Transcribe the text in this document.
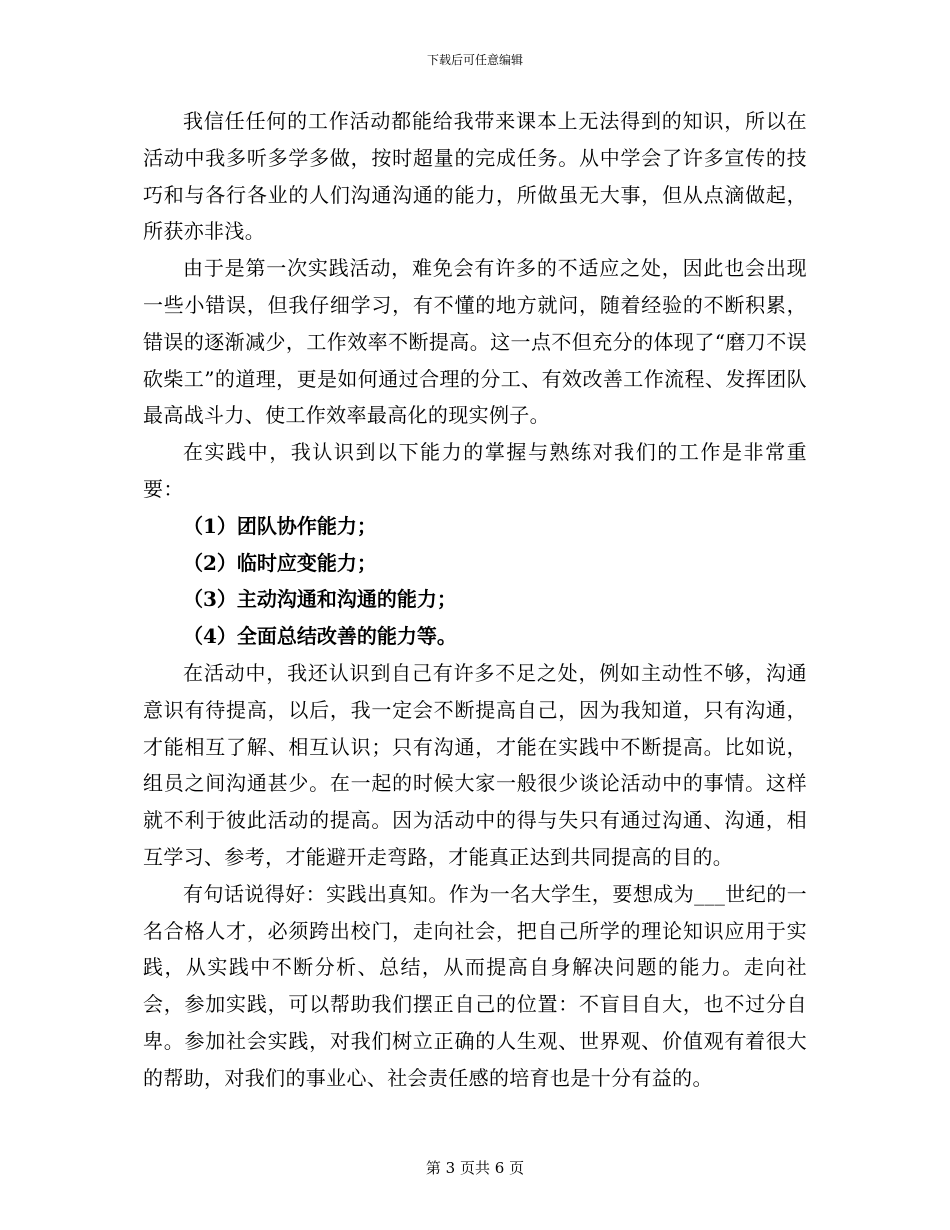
下载后可任意编辑

我信任任何的工作活动都能给我带来课本上无法得到的知识，所以在活动中我多听多学多做，按时超量的完成任务。从中学会了许多宣传的技巧和与各行各业的人们沟通沟通的能力，所做虽无大事，但从点滴做起，所获亦非浅。

由于是第一次实践活动，难免会有许多的不适应之处，因此也会出现一些小错误，但我仔细学习，有不懂的地方就问，随着经验的不断积累，错误的逐渐减少，工作效率不断提高。这一点不但充分的体现了“磨刀不误砍柴工”的道理，更是如何通过合理的分工、有效改善工作流程、发挥团队最高战斗力、使工作效率最高化的现实例子。

在实践中，我认识到以下能力的掌握与熟练对我们的工作是非常重要：

（1）团队协作能力；

（2）临时应变能力；

（3）主动沟通和沟通的能力；

（4）全面总结改善的能力等。

在活动中，我还认识到自己有许多不足之处，例如主动性不够，沟通意识有待提高，以后，我一定会不断提高自己，因为我知道，只有沟通，才能相互了解、相互认识；只有沟通，才能在实践中不断提高。比如说，组员之间沟通甚少。在一起的时候大家一般很少谈论活动中的事情。这样就不利于彼此活动的提高。因为活动中的得与失只有通过沟通、沟通，相互学习、参考，才能避开走弯路，才能真正达到共同提高的目的。

有句话说得好：实践出真知。作为一名大学生，要想成为___世纪的一名合格人才，必须跨出校门，走向社会，把自己所学的理论知识应用于实践，从实践中不断分析、总结，从而提高自身解决问题的能力。走向社会，参加实践，可以帮助我们摆正自己的位置：不盲目自大，也不过分自卑。参加社会实践，对我们树立正确的人生观、世界观、价值观有着很大的帮助，对我们的事业心、社会责任感的培育也是十分有益的。

第 3 页共 6 页
